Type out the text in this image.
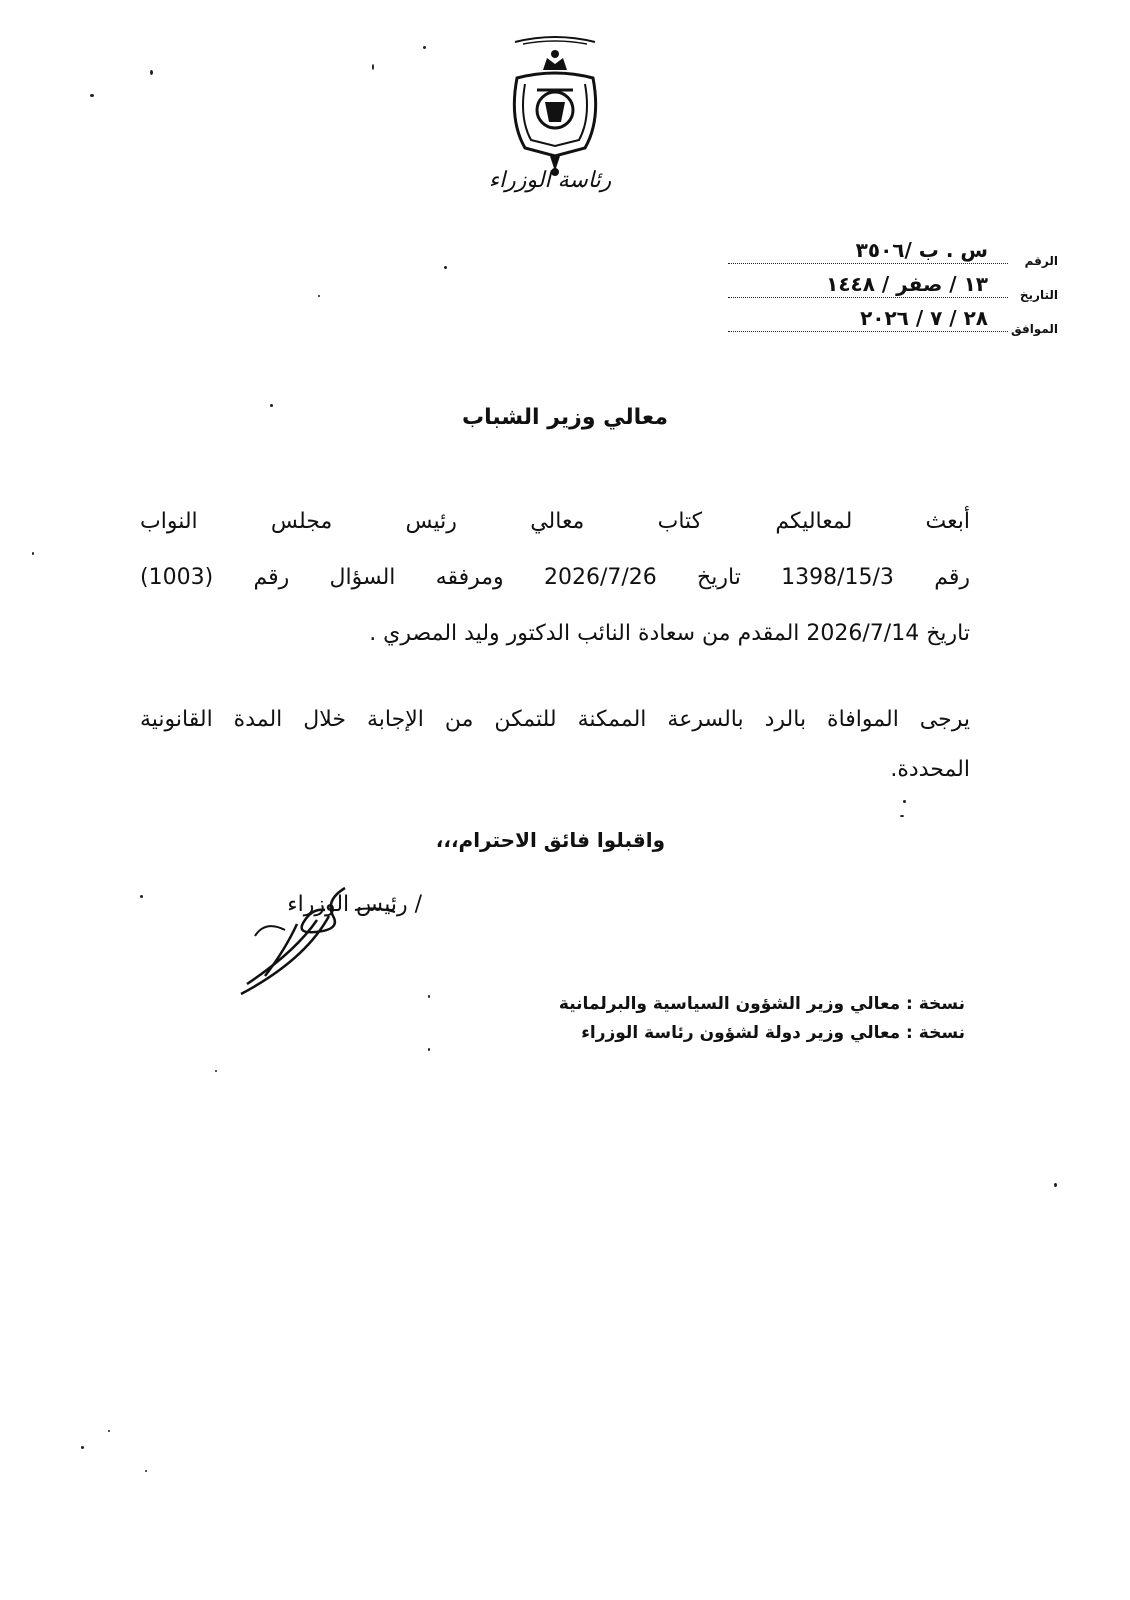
رئاسة الوزراء
الرقم
س . ب /٣٥٠٦
التاريخ
١٣ / صفر / ١٤٤٨
الموافق
٢٨ / ٧ / ٢٠٢٦
معالي وزير الشباب
أبعث لمعاليكم كتاب معالي رئيس مجلس النواب
رقم 1398/15/3 تاريخ 2026/7/26 ومرفقه السؤال رقم (1003)
تاريخ 2026/7/14 المقدم من سعادة النائب الدكتور وليد المصري .
يرجى الموافاة بالرد بالسرعة الممكنة للتمكن من الإجابة خلال المدة القانونية
المحددة.
واقبلوا فائق الاحترام،،،
/ رئيس الوزراء
نسخة : معالي وزير الشؤون السياسية والبرلمانية
نسخة : معالي وزير دولة لشؤون رئاسة الوزراء
